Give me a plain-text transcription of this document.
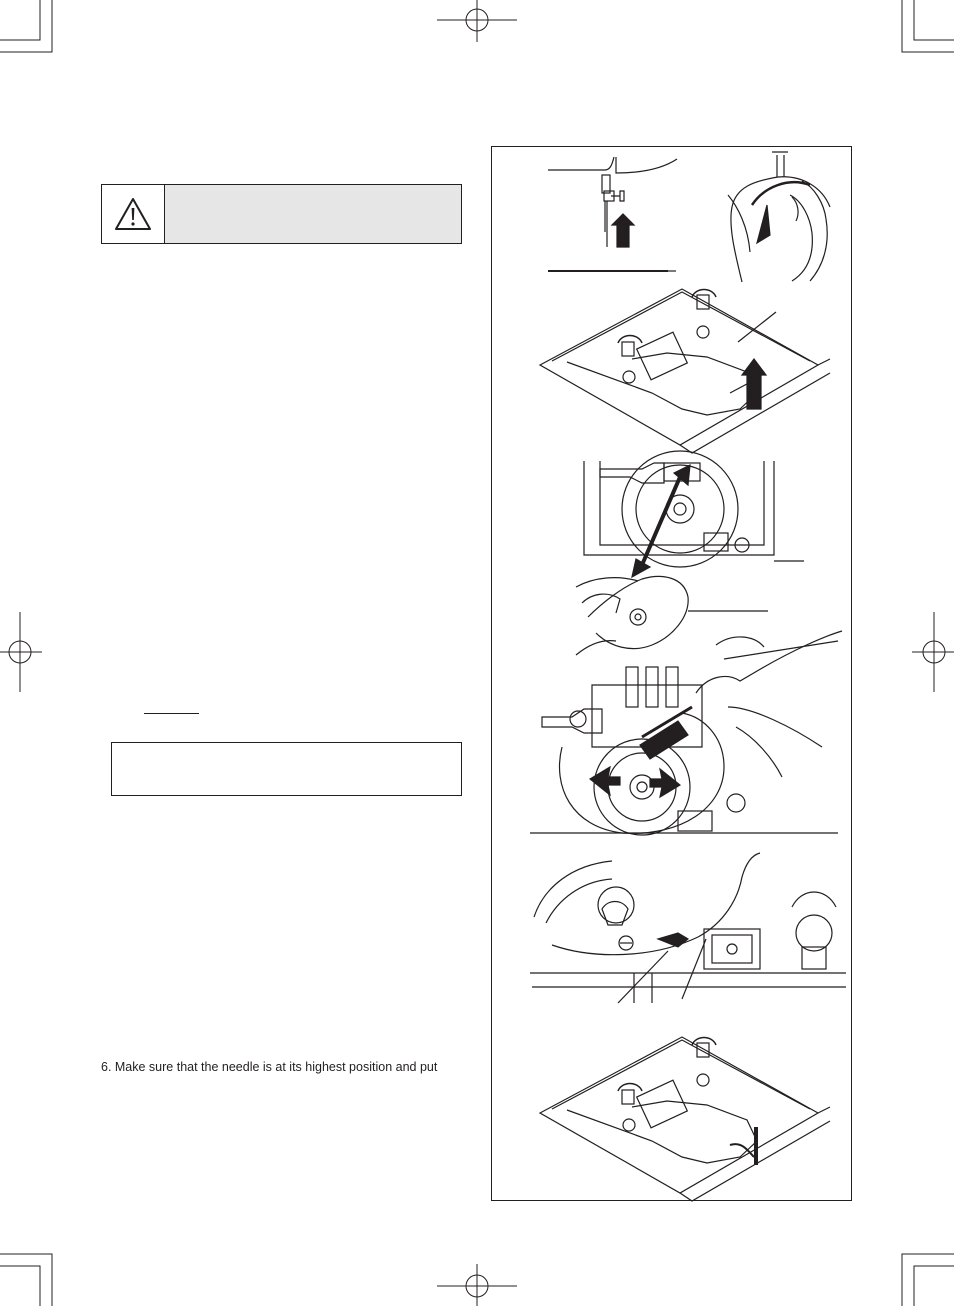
6. Make sure that the needle is at its highest position and put
